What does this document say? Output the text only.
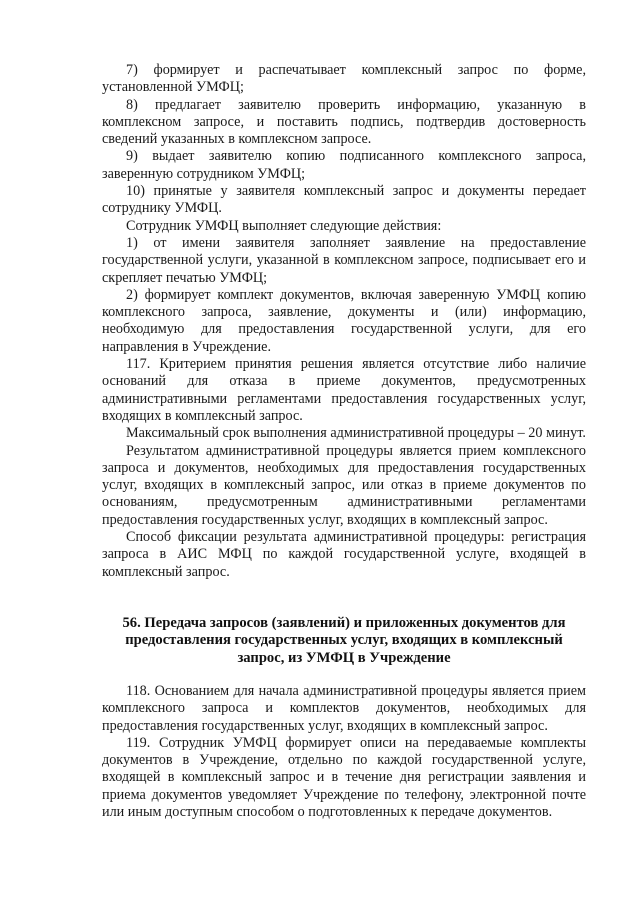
7) формирует и распечатывает комплексный запрос по форме, установленной УМФЦ;

8) предлагает заявителю проверить информацию, указанную в комплексном запросе, и поставить подпись, подтвердив достоверность сведений указанных в комплексном запросе.

9) выдает заявителю копию подписанного комплексного запроса, заверенную сотрудником УМФЦ;

10) принятые у заявителя комплексный запрос и документы передает сотруднику УМФЦ.

Сотрудник УМФЦ выполняет следующие действия:

1) от имени заявителя заполняет заявление на предоставление государственной услуги, указанной в комплексном запросе, подписывает его и скрепляет печатью УМФЦ;

2) формирует комплект документов, включая заверенную УМФЦ копию комплексного запроса, заявление, документы и (или) информацию, необходимую для предоставления государственной услуги, для его направления в Учреждение.

117. Критерием принятия решения является отсутствие либо наличие оснований для отказа в приеме документов, предусмотренных административными регламентами предоставления государственных услуг, входящих в комплексный запрос.

Максимальный срок выполнения административной процедуры – 20 минут.

Результатом административной процедуры является прием комплексного запроса и документов, необходимых для предоставления государственных услуг, входящих в комплексный запрос, или отказ в приеме документов по основаниям, предусмотренным административными регламентами предоставления государственных услуг, входящих в комплексный запрос.

Способ фиксации результата административной процедуры: регистрация запроса в АИС МФЦ по каждой государственной услуге, входящей в комплексный запрос.

56. Передача запросов (заявлений) и приложенных документов для предоставления государственных услуг, входящих в комплексный запрос, из УМФЦ в Учреждение

118. Основанием для начала административной процедуры является прием комплексного запроса и комплектов документов, необходимых для предоставления государственных услуг, входящих в комплексный запрос.

119. Сотрудник УМФЦ формирует описи на передаваемые комплекты документов в Учреждение, отдельно по каждой государственной услуге, входящей в комплексный запрос и в течение дня регистрации заявления и приема документов уведомляет Учреждение по телефону, электронной почте или иным доступным способом о подготовленных к передаче документов.
